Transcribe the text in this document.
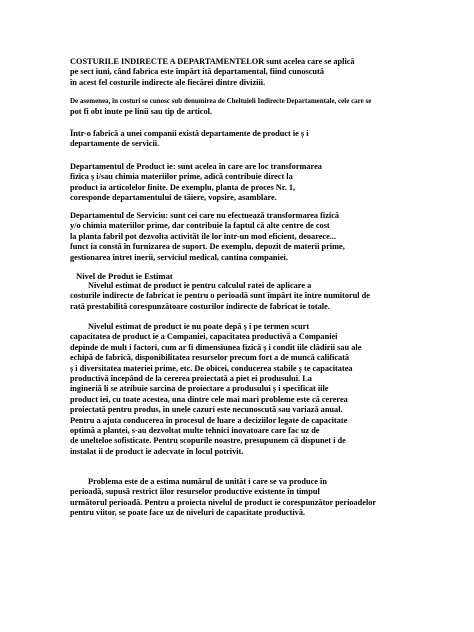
COSTURILE INDIRECTE A DEPARTAMENTELOR sunt acelea care se aplică
pe sect iuni, când fabrica este împărt ită departamental, fiind cunoscută
în acest fel costurile indirecte ale fiecărei dintre diviziii.
De asemenea, în costuri se cunosc sub denumirea de Cheltuieli Indirecte Departamentale, cele care se
pot fi obt inute pe linii sau tip de articol.
Într-o fabrică a unei companii există departamente de product ie ș i
departamente de servicii.
Departamentul de Product ie: sunt acelea în care are loc transformarea
fizica ș i/sau chimia materiilor prime, adică contribuie direct la
product ia articolelor finite. De exemplu, planta de proces Nr. 1,
coresponde departamentului de tăiere, vopsire, asamblare.
Departamentul de Serviciu: sunt cei care nu efectuează transformarea fizică
y/o chimia materiilor prime, dar contribuie la faptul că alte centre de cost
la planta fabril pot dezvolta activităt ile lor într-un mod eficient, deoarece...
funct ia constă în furnizarea de suport. De exemplu, depozit de materii prime,
gestionarea întret inerii, serviciul medical, cantina companiei.
Nivel de Produt ie Estimat
Nivelul estimat de product ie pentru calculul ratei de aplicare a
costurile indirecte de fabricat ie pentru o perioadă sunt împărt ite între numitorul de
rată prestabilită corespunzătoare costurilor indirecte de fabricat ie totale.
Nivelul estimat de product ie nu poate depă ș i pe termen scurt
capacitatea de product ie a Companiei, capacitatea productivă a Companiei
depinde de mult i factori, cum ar fi dimensiunea fizică ș i condit iile clădirii sau ale
echipă de fabrică, disponibilitatea resurselor precum fort a de muncă calificată
ș i diversitatea materiei prime, etc. De obicei, conducerea stabile ș te capacitatea
productivă începând de la cererea proiectată a piet ei produsului. La
ingineriă li se atribuie sarcina de proiectare a produsului ș i specificat iile
product iei, cu toate acestea, una dintre cele mai mari probleme este că cererea
proiectată pentru produs, în unele cazuri este necunoscută sau variază anual.
Pentru a ajuta conducerea în procesul de luare a deciziilor legate de capacitate
optimă a plantei, s-au dezvoltat multe tehnici inovatoare care fac uz de
de unelteloe sofisticate. Pentru scopurile noastre, presupunem că dispunet i de
instalat ii de product ie adecvate în locul potrivit.
Problema este de a estima numărul de unităt i care se va produce în
perioadă, supusă restrict iilor resurselor productive existente în timpul
următorul perioadă. Pentru a proiecta nivelul de product ie corespunzător perioadelor
pentru viitor, se poate face uz de niveluri de capacitate productivă.
